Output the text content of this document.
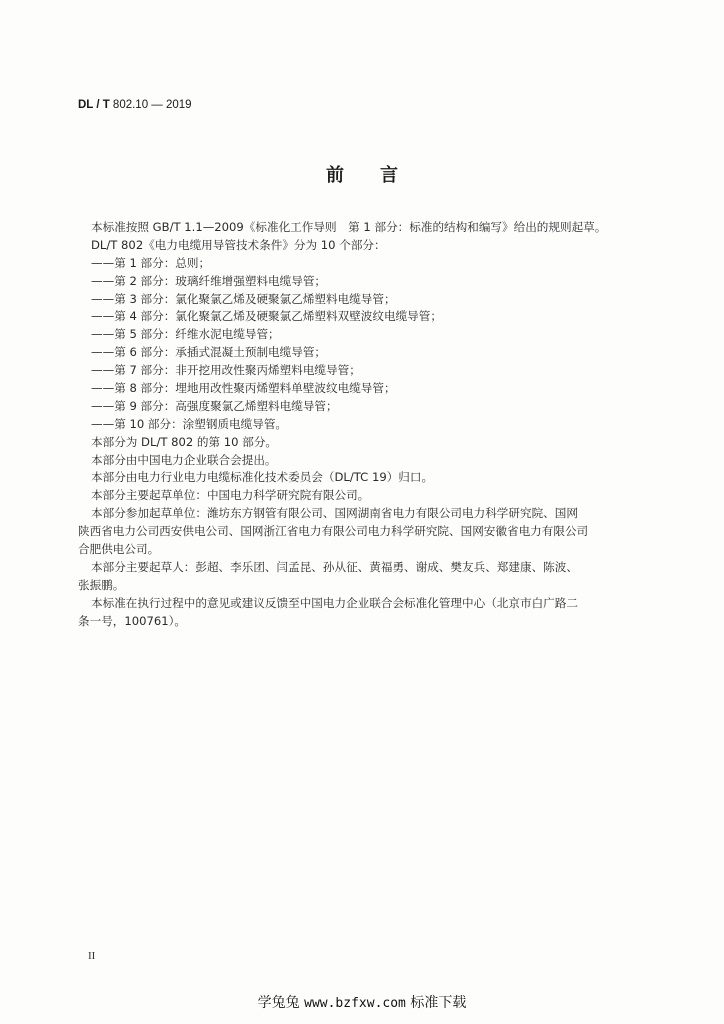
DL / T 802.10 — 2019
前言
本标准按照 GB/T 1.1—2009《标准化工作导则　第 1 部分：标准的结构和编写》给出的规则起草。
DL/T 802《电力电缆用导管技术条件》分为 10 个部分：
——第 1 部分：总则；
——第 2 部分：玻璃纤维增强塑料电缆导管；
——第 3 部分：氯化聚氯乙烯及硬聚氯乙烯塑料电缆导管；
——第 4 部分：氯化聚氯乙烯及硬聚氯乙烯塑料双壁波纹电缆导管；
——第 5 部分：纤维水泥电缆导管；
——第 6 部分：承插式混凝土预制电缆导管；
——第 7 部分：非开挖用改性聚丙烯塑料电缆导管；
——第 8 部分：埋地用改性聚丙烯塑料单壁波纹电缆导管；
——第 9 部分：高强度聚氯乙烯塑料电缆导管；
——第 10 部分：涂塑钢质电缆导管。
本部分为 DL/T 802 的第 10 部分。
本部分由中国电力企业联合会提出。
本部分由电力行业电力电缆标准化技术委员会（DL/TC 19）归口。
本部分主要起草单位：中国电力科学研究院有限公司。
本部分参加起草单位：潍坊东方钢管有限公司、国网湖南省电力有限公司电力科学研究院、国网
陕西省电力公司西安供电公司、国网浙江省电力有限公司电力科学研究院、国网安徽省电力有限公司
合肥供电公司。
本部分主要起草人：彭超、李乐团、闫孟昆、孙从征、黄福勇、谢成、樊友兵、郑建康、陈波、
张振鹏。
本标准在执行过程中的意见或建议反馈至中国电力企业联合会标准化管理中心（北京市白广路二
条一号，100761）。
II
学兔兔 www.bzfxw.com 标准下载
